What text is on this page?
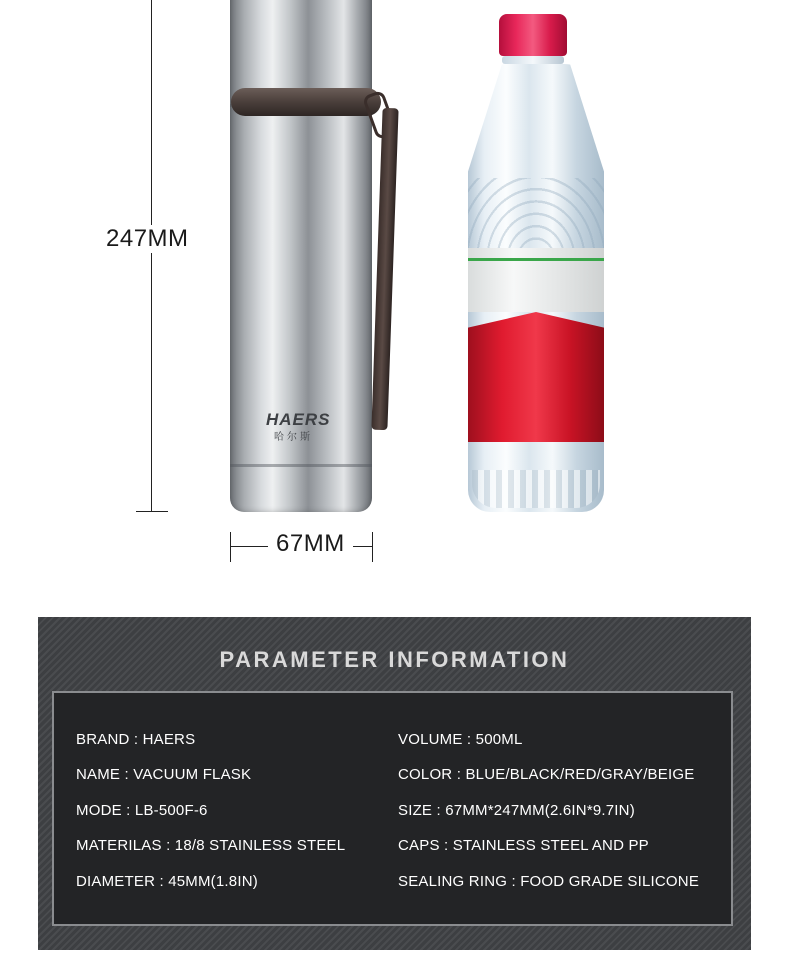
247MM
HAERS
哈尔斯
67MM
PARAMETER INFORMATION
BRAND : HAERS
NAME : VACUUM FLASK
MODE : LB-500F-6
MATERILAS : 18/8 STAINLESS STEEL
DIAMETER : 45MM(1.8IN)
VOLUME : 500ML
COLOR : BLUE/BLACK/RED/GRAY/BEIGE
SIZE : 67MM*247MM(2.6IN*9.7IN)
CAPS : STAINLESS STEEL AND PP
SEALING RING : FOOD GRADE SILICONE
